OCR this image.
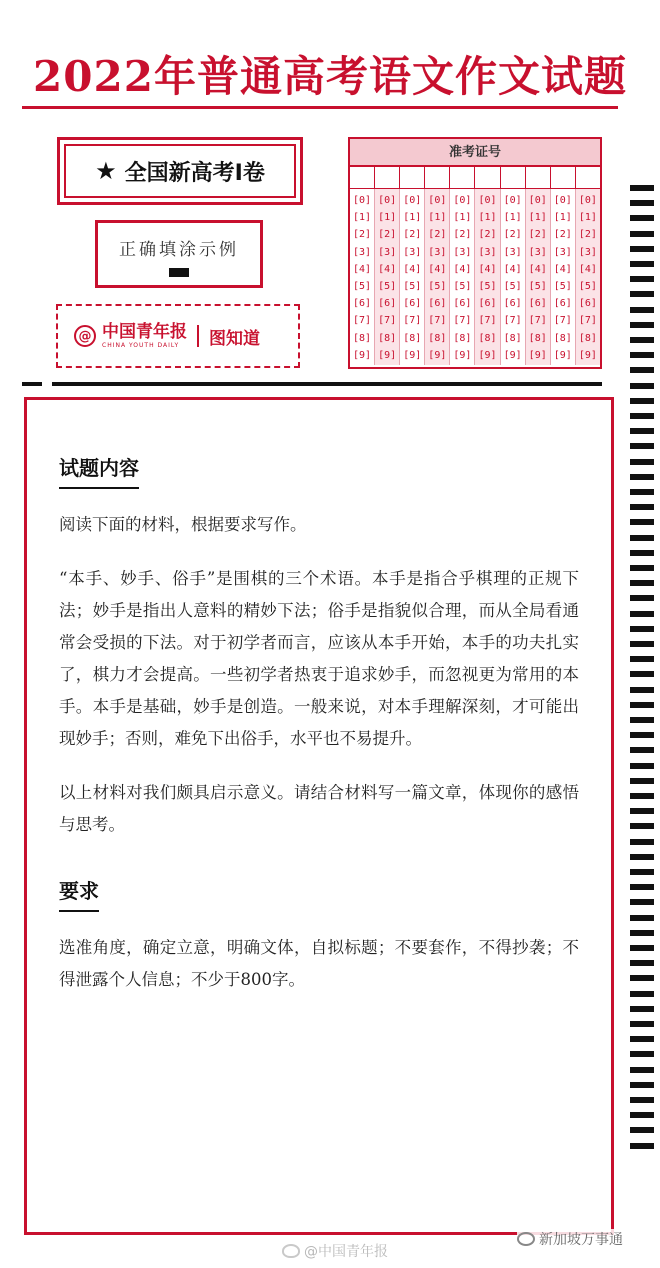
2022年普通高考语文作文试题
★ 全国新高考Ⅰ卷
正确填涂示例
@ 中国青年报
CHINA YOUTH DAILY	图知道
准考证号
[0]
[1]
[2]
[3]
[4]
[5]
[6]
[7]
[8]
[9]
[0]
[1]
[2]
[3]
[4]
[5]
[6]
[7]
[8]
[9]
[0]
[1]
[2]
[3]
[4]
[5]
[6]
[7]
[8]
[9]
[0]
[1]
[2]
[3]
[4]
[5]
[6]
[7]
[8]
[9]
[0]
[1]
[2]
[3]
[4]
[5]
[6]
[7]
[8]
[9]
[0]
[1]
[2]
[3]
[4]
[5]
[6]
[7]
[8]
[9]
[0]
[1]
[2]
[3]
[4]
[5]
[6]
[7]
[8]
[9]
[0]
[1]
[2]
[3]
[4]
[5]
[6]
[7]
[8]
[9]
[0]
[1]
[2]
[3]
[4]
[5]
[6]
[7]
[8]
[9]
[0]
[1]
[2]
[3]
[4]
[5]
[6]
[7]
[8]
[9]
试题内容

阅读下面的材料，根据要求写作。

“本手、妙手、俗手”是围棋的三个术语。本手是指合乎棋理的正规下法；妙手是指出人意料的精妙下法；俗手是指貌似合理，而从全局看通常会受损的下法。对于初学者而言，应该从本手开始，本手的功夫扎实了，棋力才会提高。一些初学者热衷于追求妙手，而忽视更为常用的本手。本手是基础，妙手是创造。一般来说，对本手理解深刻，才可能出现妙手；否则，难免下出俗手，水平也不易提升。

以上材料对我们颇具启示意义。请结合材料写一篇文章，体现你的感悟与思考。

要求

选准角度，确定立意，明确文体，自拟标题；不要套作，不得抄袭；不得泄露个人信息；不少于800字。

@中国青年报
新加坡万事通
